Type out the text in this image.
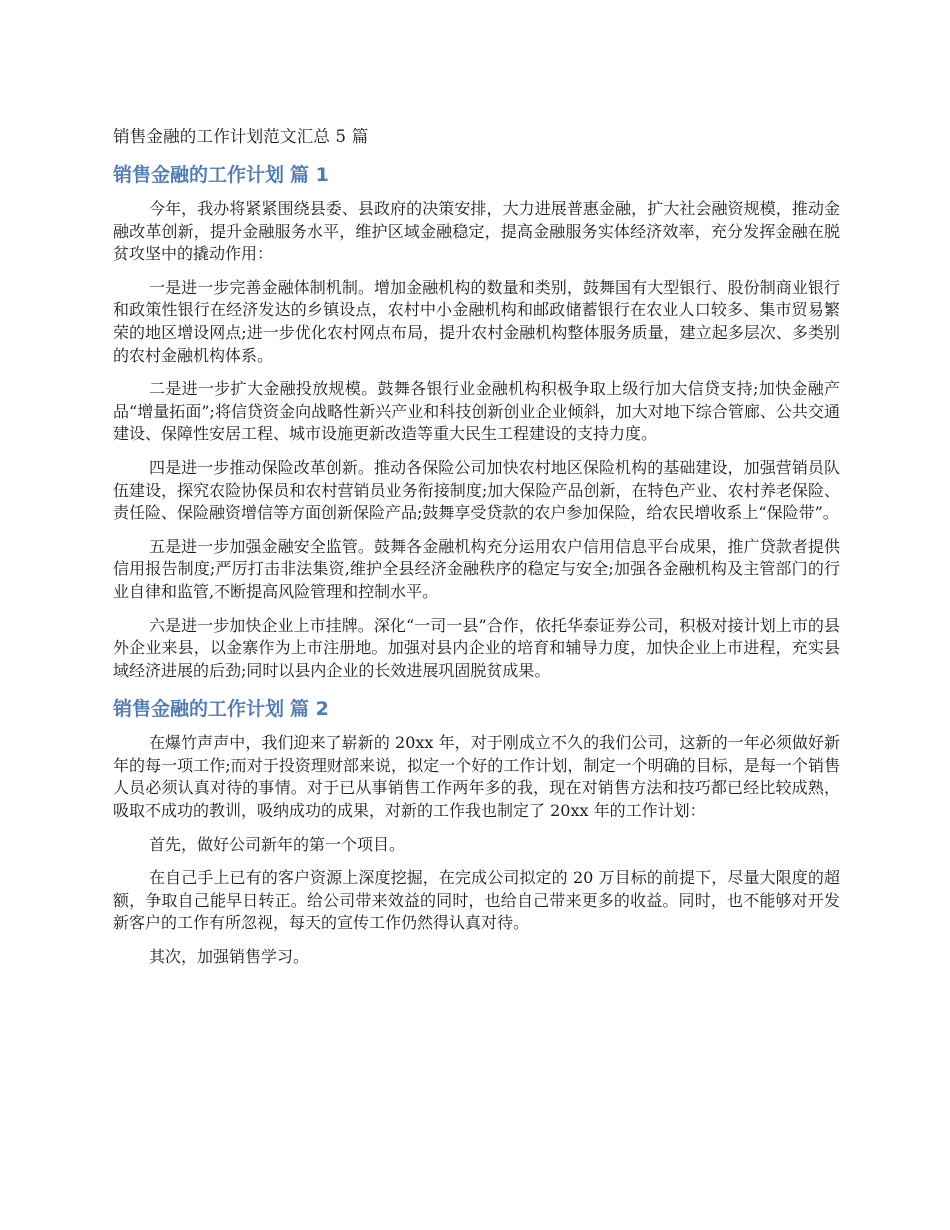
销售金融的工作计划范文汇总 5 篇
销售金融的工作计划 篇 1

今年，我办将紧紧围绕县委、县政府的决策安排，大力进展普惠金融，扩大社会融资规模，推动金融改革创新，提升金融服务水平，维护区域金融稳定，提高金融服务实体经济效率，充分发挥金融在脱贫攻坚中的撬动作用：

一是进一步完善金融体制机制。增加金融机构的数量和类别，鼓舞国有大型银行、股份制商业银行和政策性银行在经济发达的乡镇设点，农村中小金融机构和邮政储蓄银行在农业人口较多、集市贸易繁荣的地区增设网点;进一步优化农村网点布局，提升农村金融机构整体服务质量，建立起多层次、多类别的农村金融机构体系。

二是进一步扩大金融投放规模。鼓舞各银行业金融机构积极争取上级行加大信贷支持;加快金融产品“增量拓面”;将信贷资金向战略性新兴产业和科技创新创业企业倾斜，加大对地下综合管廊、公共交通建设、保障性安居工程、城市设施更新改造等重大民生工程建设的支持力度。

四是进一步推动保险改革创新。推动各保险公司加快农村地区保险机构的基础建设，加强营销员队伍建设，探究农险协保员和农村营销员业务衔接制度;加大保险产品创新，在特色产业、农村养老保险、责任险、保险融资增信等方面创新保险产品;鼓舞享受贷款的农户参加保险，给农民增收系上“保险带”。

五是进一步加强金融安全监管。鼓舞各金融机构充分运用农户信用信息平台成果，推广贷款者提供信用报告制度;严厉打击非法集资,维护全县经济金融秩序的稳定与安全;加强各金融机构及主管部门的行业自律和监管,不断提高风险管理和控制水平。

六是进一步加快企业上市挂牌。深化“一司一县”合作，依托华泰证券公司，积极对接计划上市的县外企业来县，以金寨作为上市注册地。加强对县内企业的培育和辅导力度，加快企业上市进程，充实县域经济进展的后劲;同时以县内企业的长效进展巩固脱贫成果。

销售金融的工作计划 篇 2

在爆竹声声中，我们迎来了崭新的 20xx 年，对于刚成立不久的我们公司，这新的一年必须做好新年的每一项工作;而对于投资理财部来说，拟定一个好的工作计划，制定一个明确的目标，是每一个销售人员必须认真对待的事情。对于已从事销售工作两年多的我，现在对销售方法和技巧都已经比较成熟，吸取不成功的教训，吸纳成功的成果，对新的工作我也制定了 20xx 年的工作计划：

首先，做好公司新年的第一个项目。

在自己手上已有的客户资源上深度挖掘，在完成公司拟定的 20 万目标的前提下，尽量大限度的超额，争取自己能早日转正。给公司带来效益的同时，也给自己带来更多的收益。同时，也不能够对开发新客户的工作有所忽视，每天的宣传工作仍然得认真对待。

其次，加强销售学习。
